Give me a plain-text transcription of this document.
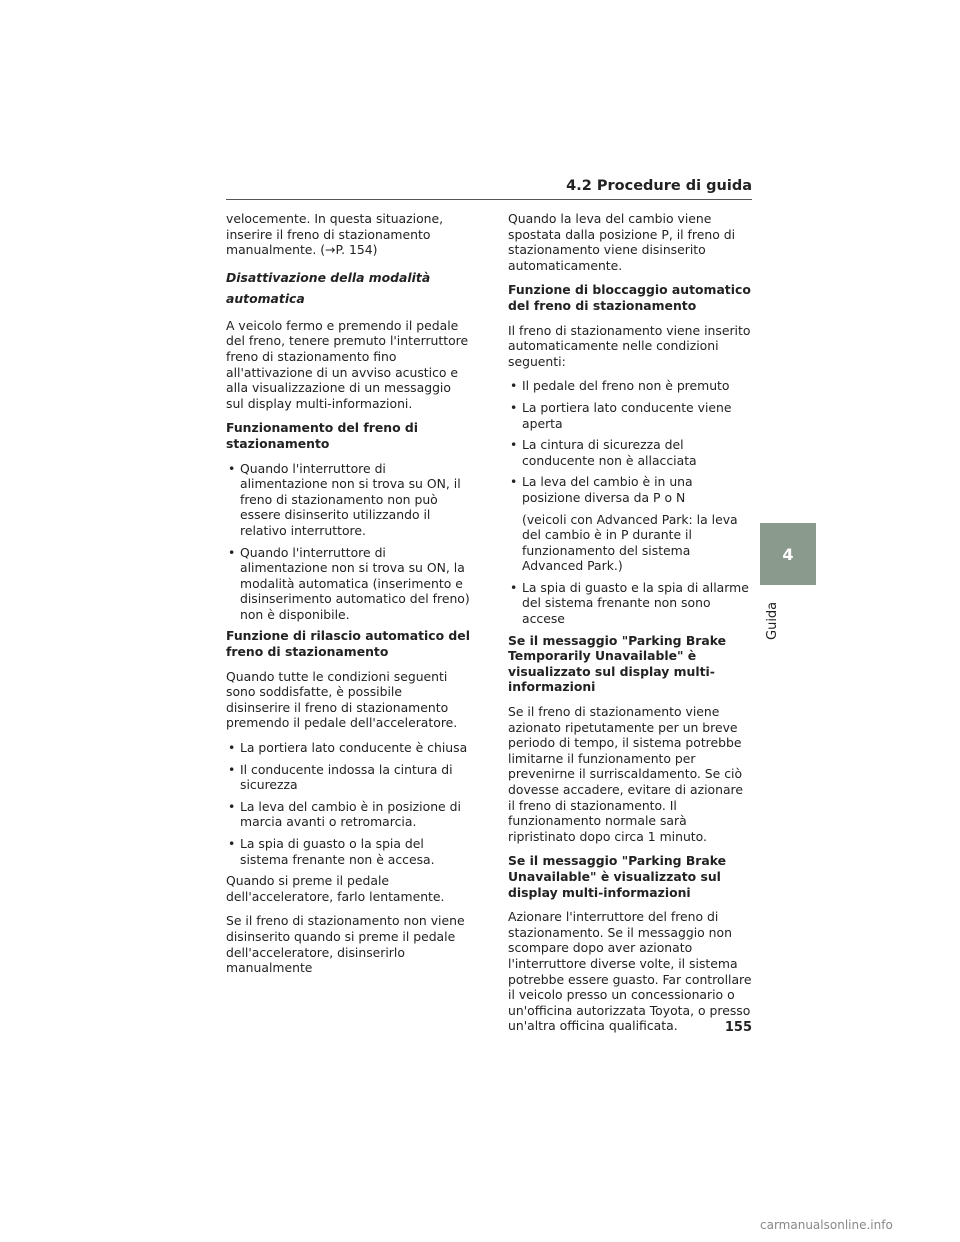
4.2 Procedure di guida

velocemente. In questa situazione, inserire il freno di stazionamento manualmente. (→P. 154)

Disattivazione della modalità automatica

A veicolo fermo e premendo il pedale del freno, tenere premuto l'interruttore freno di stazionamento fino all'attivazione di un avviso acustico e alla visualizzazione di un messaggio sul display multi-informazioni.

Funzionamento del freno di stazionamento
• Quando l'interruttore di alimentazione non si trova su ON, il freno di stazionamento non può essere disinserito utilizzando il relativo interruttore.
• Quando l'interruttore di alimentazione non si trova su ON, la modalità automatica (inserimento e disinserimento automatico del freno) non è disponibile.
Funzione di rilascio automatico del freno di stazionamento

Quando tutte le condizioni seguenti sono soddisfatte, è possibile disinserire il freno di stazionamento premendo il pedale dell'acceleratore.

• La portiera lato conducente è chiusa
• Il conducente indossa la cintura di sicurezza
• La leva del cambio è in posizione di marcia avanti o retromarcia.
• La spia di guasto o la spia del sistema frenante non è accesa.

Quando si preme il pedale dell'acceleratore, farlo lentamente.

Se il freno di stazionamento non viene disinserito quando si preme il pedale dell'acceleratore, disinserirlo manualmente

Quando la leva del cambio viene spostata dalla posizione P, il freno di stazionamento viene disinserito automaticamente.

Funzione di bloccaggio automatico del freno di stazionamento

Il freno di stazionamento viene inserito automaticamente nelle condizioni seguenti:

• Il pedale del freno non è premuto
• La portiera lato conducente viene aperta
• La cintura di sicurezza del conducente non è allacciata
• La leva del cambio è in una posizione diversa da P o N
(veicoli con Advanced Park: la leva del cambio è in P durante il funzionamento del sistema Advanced Park.)
• La spia di guasto e la spia di allarme del sistema frenante non sono accese
Se il messaggio "Parking Brake Temporarily Unavailable" è visualizzato sul display multi-informazioni

Se il freno di stazionamento viene azionato ripetutamente per un breve periodo di tempo, il sistema potrebbe limitarne il funzionamento per prevenirne il surriscaldamento. Se ciò dovesse accadere, evitare di azionare il freno di stazionamento. Il funzionamento normale sarà ripristinato dopo circa 1 minuto.

Se il messaggio "Parking Brake Unavailable" è visualizzato sul display multi-informazioni

Azionare l'interruttore del freno di stazionamento. Se il messaggio non scompare dopo aver azionato l'interruttore diverse volte, il sistema potrebbe essere guasto. Far controllare il veicolo presso un concessionario o un'officina autorizzata Toyota, o presso un'altra officina qualificata.

4
Guida
155
carmanualsonline.info
